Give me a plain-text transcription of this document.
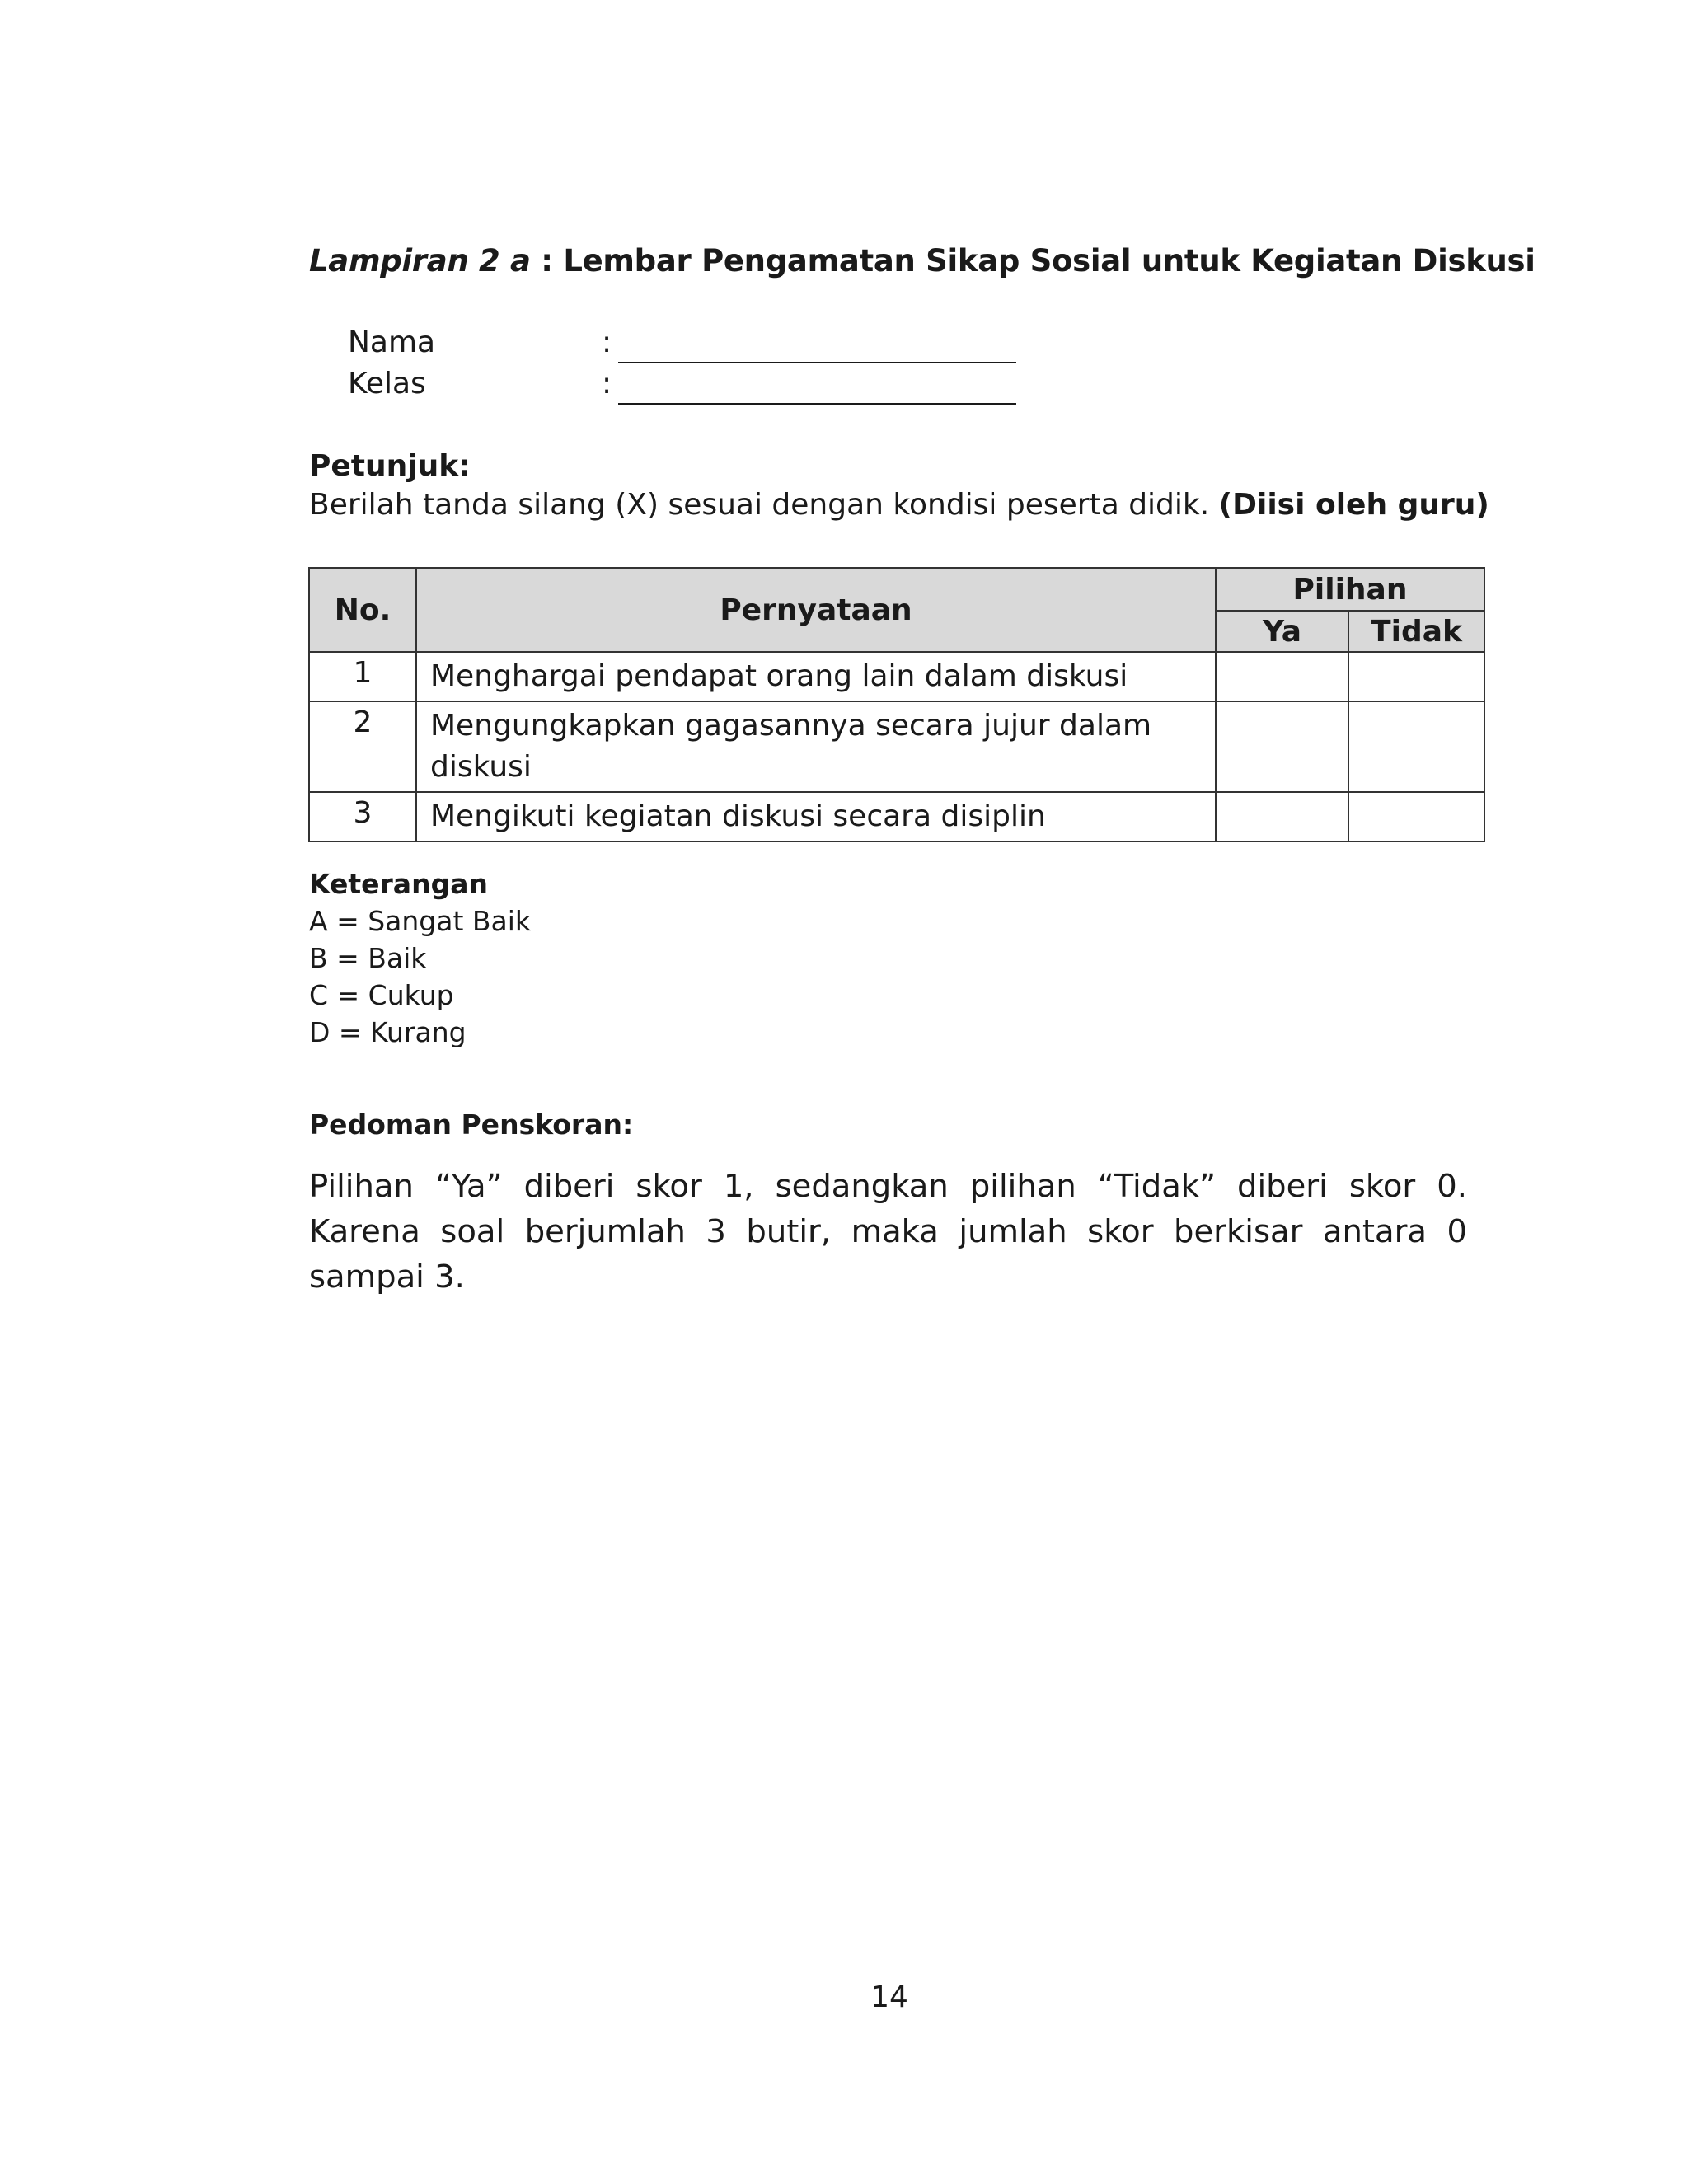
Lampiran 2 a : Lembar Pengamatan Sikap Sosial untuk Kegiatan Diskusi
Nama	:
Kelas	:
Petunjuk:
Berilah tanda silang (X) sesuai dengan kondisi peserta didik. (Diisi oleh guru)
No.	Pernyataan	Pilihan	
		Ya	Tidak
1	Menghargai pendapat orang lain dalam diskusi		
2	Mengungkapkan gagasannya secara jujur dalam diskusi		
3	Mengikuti kegiatan diskusi secara disiplin		
Keterangan
A = Sangat Baik
B = Baik
C = Cukup
D = Kurang
Pedoman Penskoran:
Pilihan “Ya” diberi skor 1, sedangkan pilihan “Tidak” diberi skor 0. Karena soal berjumlah 3 butir, maka jumlah skor berkisar antara 0 sampai 3.
14
